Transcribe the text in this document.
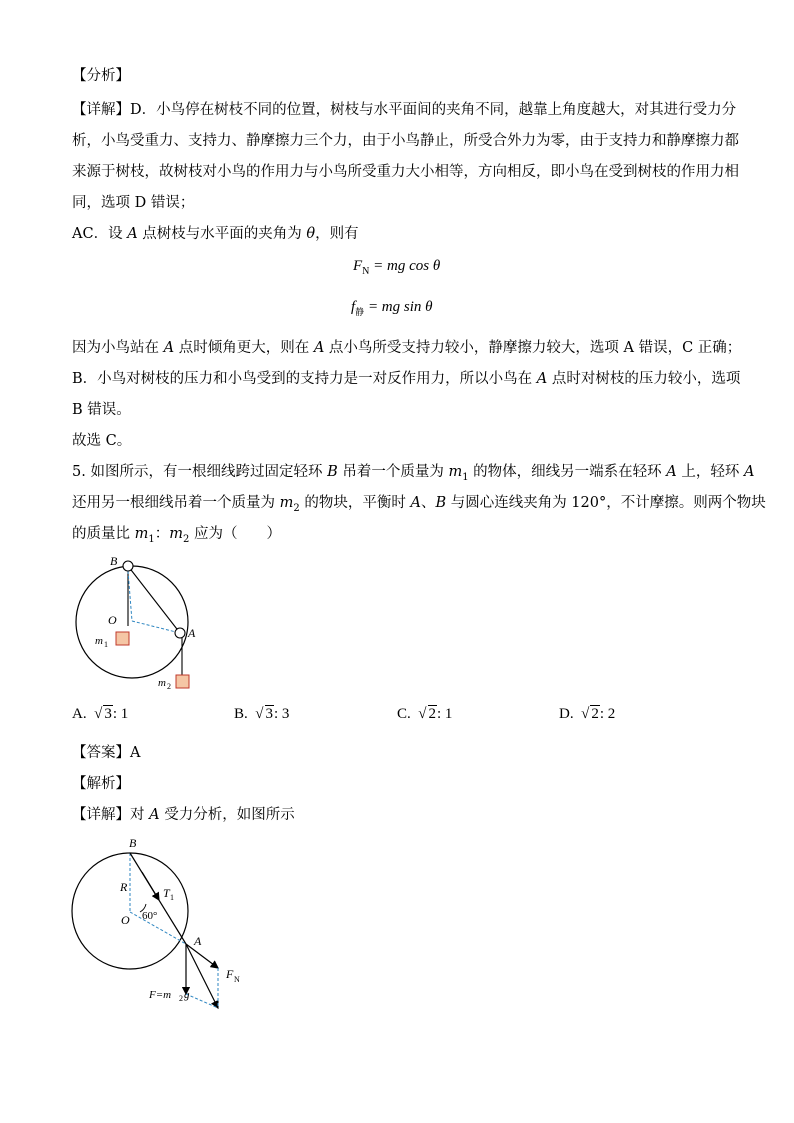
【分析】
【详解】D．小鸟停在树枝不同的位置，树枝与水平面间的夹角不同，越靠上角度越大，对其进行受力分
析，小鸟受重力、支持力、静摩擦力三个力，由于小鸟静止，所受合外力为零，由于支持力和静摩擦力都
来源于树枝，故树枝对小鸟的作用力与小鸟所受重力大小相等，方向相反，即小鸟在受到树枝的作用力相
同，选项 D 错误；
AC．设 A 点树枝与水平面的夹角为 θ，则有
$F_N$ = mg cos θ
$f_静$ = mg sin θ
因为小鸟站在 A 点时倾角更大，则在 A 点小鸟所受支持力较小，静摩擦力较大，选项 A 错误，C 正确；
B．小鸟对树枝的压力和小鸟受到的支持力是一对反作用力，所以小鸟在 A 点时对树枝的压力较小，选项
B 错误。
故选 C。
5. 如图所示，有一根细线跨过固定轻环 B 吊着一个质量为 $m_1$ 的物体，细线另一端系在轻环 A 上，轻环 A
还用另一根细线吊着一个质量为 $m_2$ 的物块，平衡时 A、B 与圆心连线夹角为 120°，不计摩擦。则两个物块
的质量比 $m_1$：$m_2$ 应为（　　）
B
O
A
m 1
m 2
A.  √ 3: 1	B.  √ 3: 3	C.  √ 2: 1	D.  √ 2: 2
【答案】A
【解析】
【详解】对 A 受力分析，如图所示
B
R	T 1
60°
O
A
F N
F=m 2 g
